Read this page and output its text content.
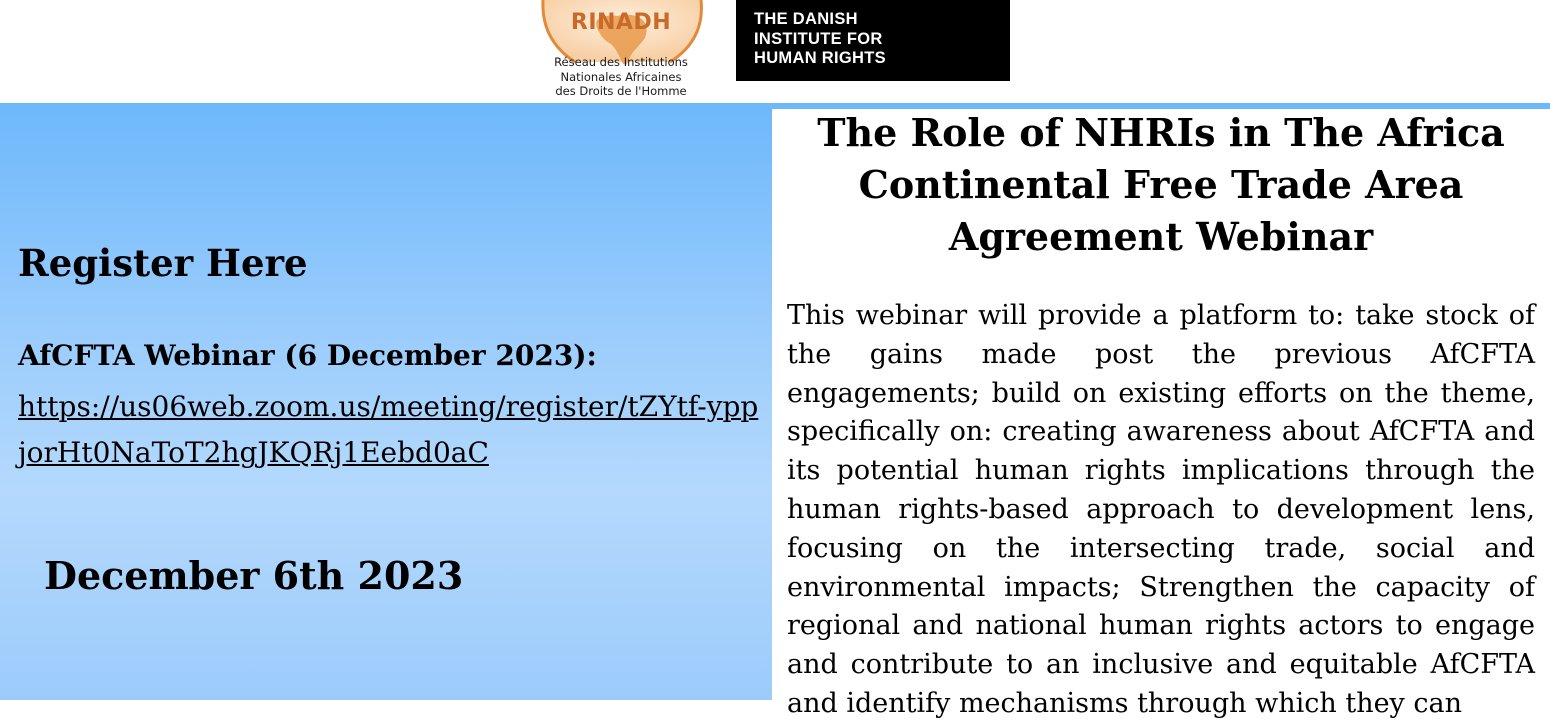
RINADH
Réseau des Institutions
Nationales Africaines
des Droits de l'Homme
THE DANISH
INSTITUTE FOR
HUMAN RIGHTS
Register Here
AfCFTA Webinar (6 December 2023):
https://us06web.zoom.us/meeting/register/tZYtf-yppjorHt0NaToT2hgJKQRj1Eebd0aC
December 6th 2023
The Role of NHRIs in The Africa Continental Free Trade Area Agreement Webinar

This webinar will provide a platform to: take stock of the gains made post the previous AfCFTA engagements; build on existing efforts on the theme, specifically on: creating awareness about AfCFTA and its potential human rights implications through the human rights-based approach to development lens, focusing on the intersecting trade, social and environmental impacts; Strengthen the capacity of regional and national human rights actors to engage and contribute to an inclusive and equitable AfCFTA and identify mechanisms through which they can
